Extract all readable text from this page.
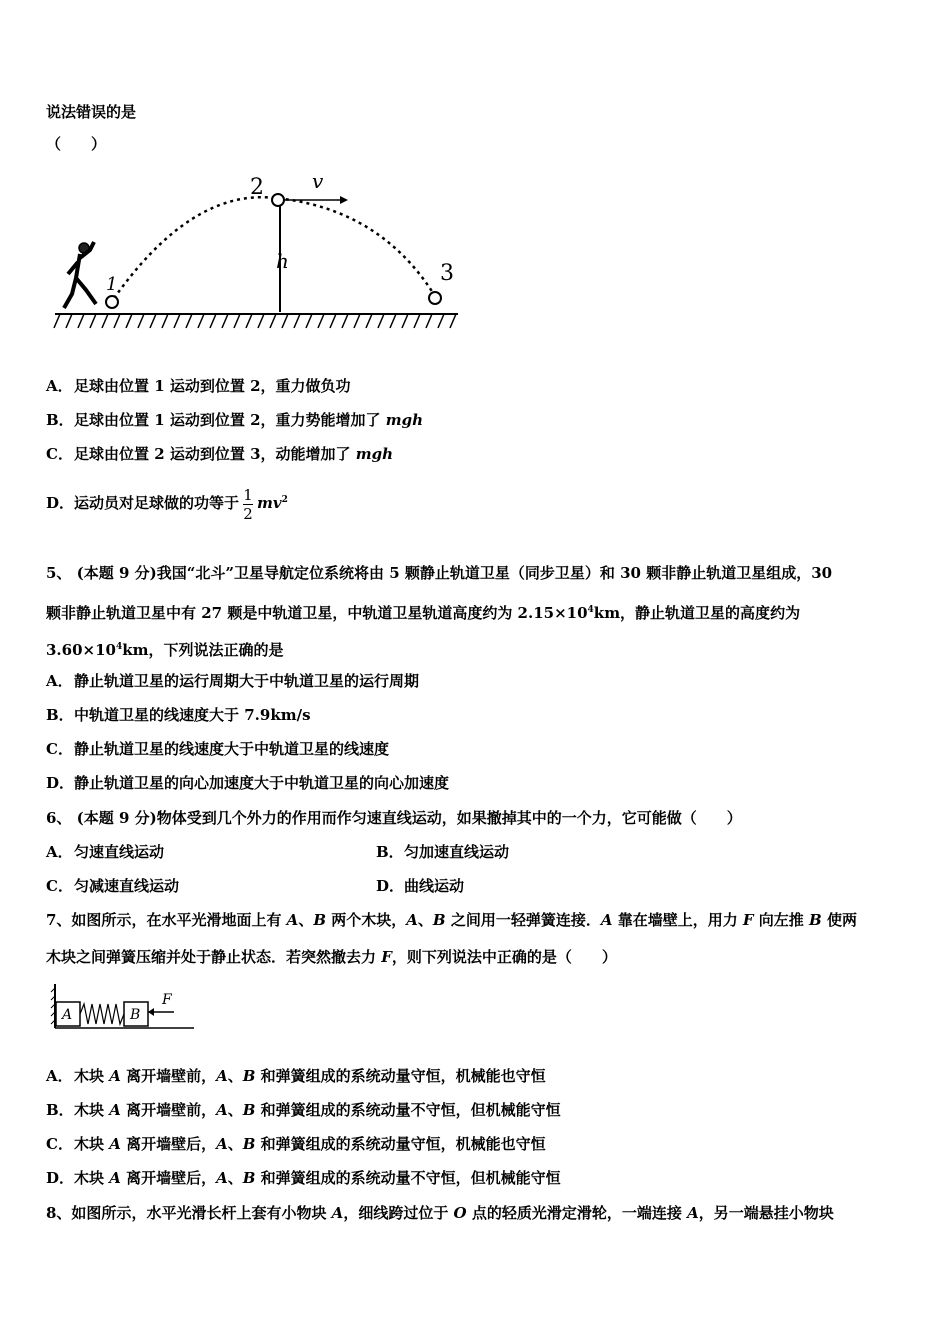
说法错误的是
（　　）
1
2
3
v
h
A．足球由位置 1 运动到位置 2，重力做负功
B．足球由位置 1 运动到位置 2，重力势能增加了 mgh
C．足球由位置 2 运动到位置 3，动能增加了 mgh
D．运动员对足球做的功等于 $\frac{1}{2} mv^2$
5、 (本题 9 分)我国“北斗”卫星导航定位系统将由 5 颗静止轨道卫星（同步卫星）和 30 颗非静止轨道卫星组成，30
颗非静止轨道卫星中有 27 颗是中轨道卫星，中轨道卫星轨道高度约为 $2.15\times 10^4km$，静止轨道卫星的高度约为
$3.60\times 10^4km$，下列说法正确的是
A．静止轨道卫星的运行周期大于中轨道卫星的运行周期
B．中轨道卫星的线速度大于 7.9km/s
C．静止轨道卫星的线速度大于中轨道卫星的线速度
D．静止轨道卫星的向心加速度大于中轨道卫星的向心加速度
6、 (本题 9 分)物体受到几个外力的作用而作匀速直线运动，如果撤掉其中的一个力，它可能做（　　）
A．匀速直线运动	B．匀加速直线运动
C．匀减速直线运动	D．曲线运动
7、如图所示，在水平光滑地面上有 A、B 两个木块，A、B 之间用一轻弹簧连接．A 靠在墙壁上，用力 F 向左推 B 使两
木块之间弹簧压缩并处于静止状态．若突然撤去力 F，则下列说法中正确的是（　　）
A	B
F
A．木块 A 离开墙壁前，A、B 和弹簧组成的系统动量守恒，机械能也守恒
B．木块 A 离开墙壁前，A、B 和弹簧组成的系统动量不守恒，但机械能守恒
C．木块 A 离开墙壁后，A、B 和弹簧组成的系统动量守恒，机械能也守恒
D．木块 A 离开墙壁后，A、B 和弹簧组成的系统动量不守恒，但机械能守恒
8、如图所示，水平光滑长杆上套有小物块 A，细线跨过位于 O 点的轻质光滑定滑轮，一端连接 A，另一端悬挂小物块
